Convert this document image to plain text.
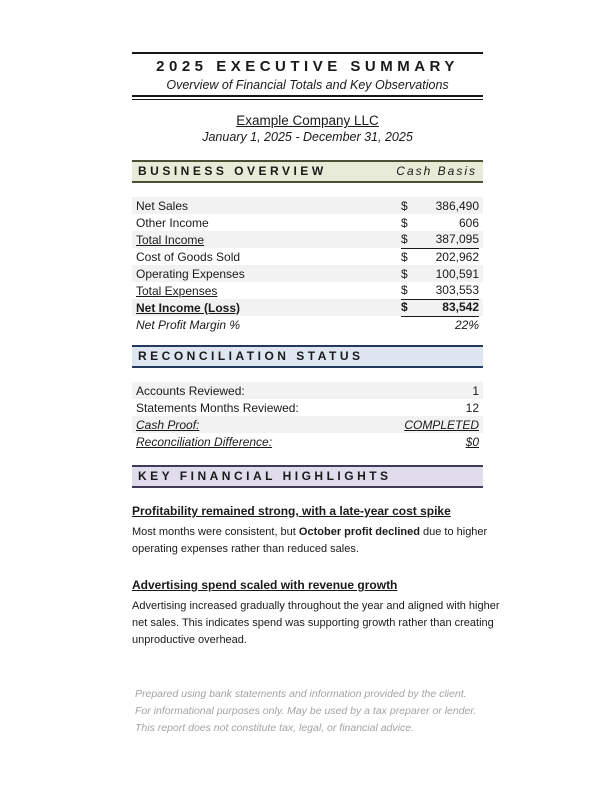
2025 EXECUTIVE SUMMARY
Overview of Financial Totals and Key Observations
Example Company LLC
January 1, 2025 - December 31, 2025
BUSINESS OVERVIEW	Cash Basis
Net Sales	$ 386,490
Other Income	$	606
Total Income	$ 387,095
Cost of Goods Sold	$ 202,962
Operating Expenses	$ 100,591
Total Expenses	$ 303,553
Net Income (Loss)	$	83,542
Net Profit Margin %	22%
RECONCILIATION STATUS
Accounts Reviewed:	1
Statements Months Reviewed:	12
Cash Proof:	COMPLETED
Reconciliation Difference:	$0
KEY FINANCIAL HIGHLIGHTS
Profitability remained strong, with a late-year cost spike
Most months were consistent, but October profit declined due to higher
operating expenses rather than reduced sales.
Advertising spend scaled with revenue growth
Advertising increased gradually throughout the year and aligned with higher
net sales. This indicates spend was supporting growth rather than creating
unproductive overhead.
Prepared using bank statements and information provided by the client.
For informational purposes only. May be used by a tax preparer or lender.
This report does not constitute tax, legal, or financial advice.
